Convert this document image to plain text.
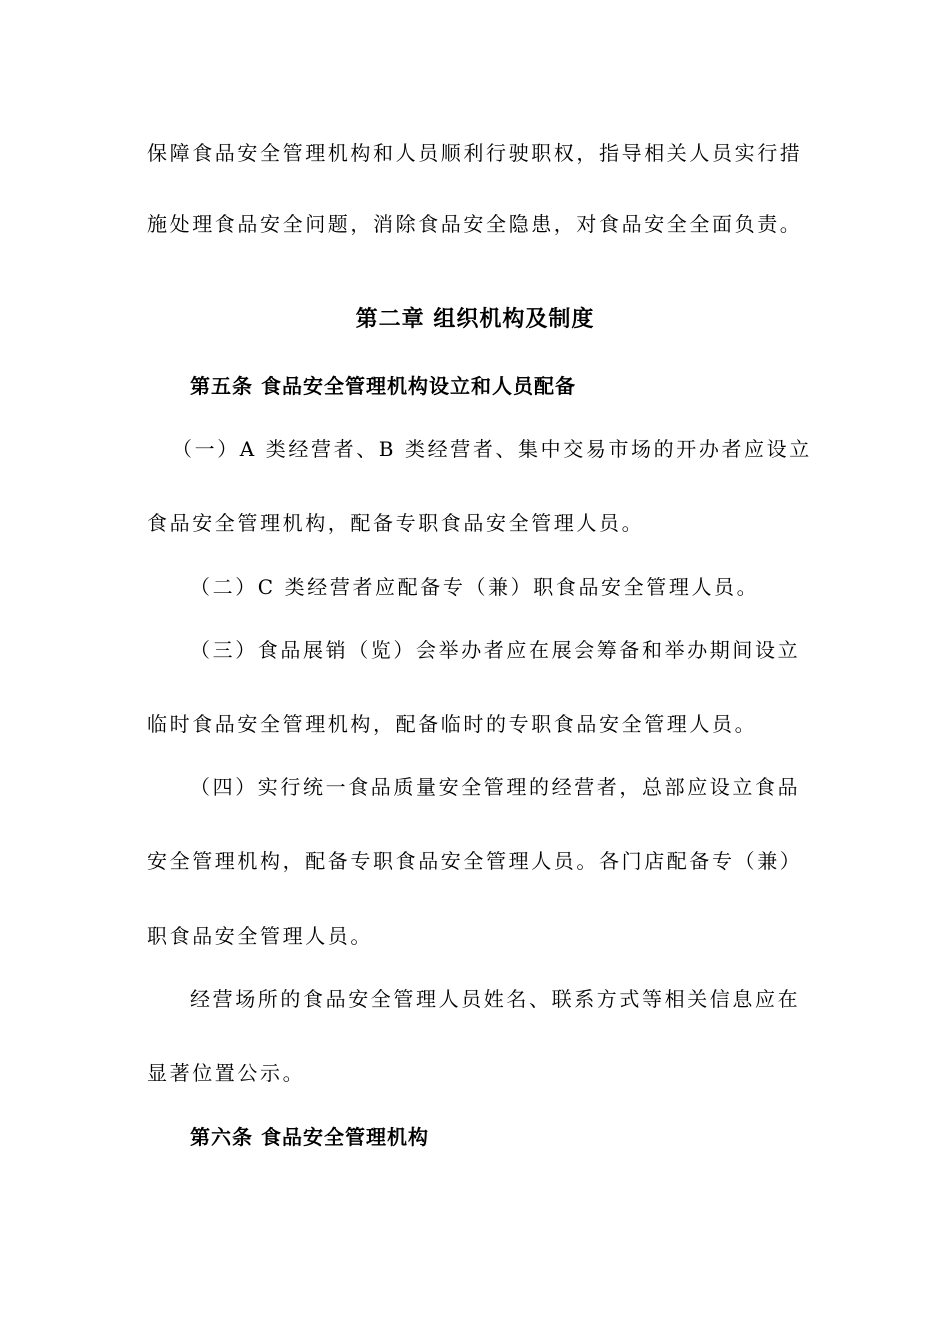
保障食品安全管理机构和人员顺利行驶职权，指导相关人员实行措
施处理食品安全问题，消除食品安全隐患，对食品安全全面负责。
第二章 组织机构及制度
第五条 食品安全管理机构设立和人员配备
（一）A 类经营者、B 类经营者、集中交易市场的开办者应设立
食品安全管理机构，配备专职食品安全管理人员。
（二）C 类经营者应配备专（兼）职食品安全管理人员。
（三）食品展销（览）会举办者应在展会筹备和举办期间设立
临时食品安全管理机构，配备临时的专职食品安全管理人员。
（四）实行统一食品质量安全管理的经营者，总部应设立食品
安全管理机构，配备专职食品安全管理人员。各门店配备专（兼）
职食品安全管理人员。
经营场所的食品安全管理人员姓名、联系方式等相关信息应在
显著位置公示。
第六条 食品安全管理机构
